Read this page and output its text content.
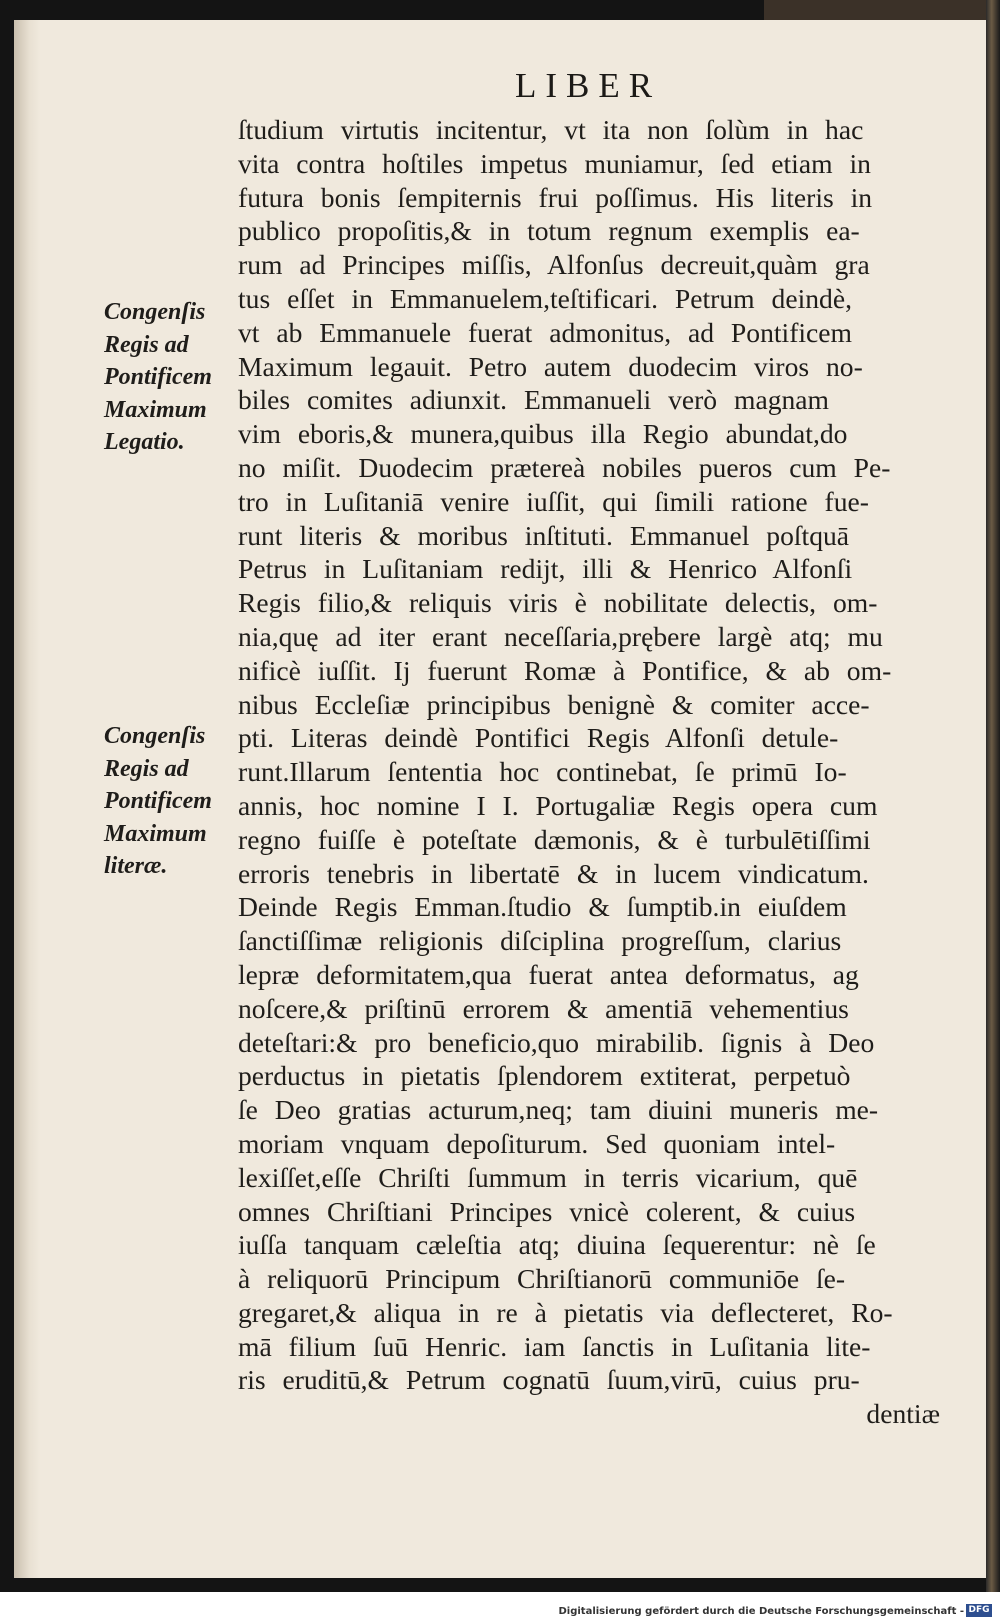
LIBER
ſtudium virtutis incitentur, vt ita non ſolùm in hac
vita contra hoſtiles impetus muniamur, ſed etiam in
futura bonis ſempiternis frui poſſimus. His literis in
publico propoſitis,& in totum regnum exemplis ea-
rum ad Principes miſſis, Alfonſus decreuit,quàm gra
tus eſſet in Emmanuelem,teſtificari. Petrum deindè,
vt ab Emmanuele fuerat admonitus, ad Pontificem
Maximum legauit. Petro autem duodecim viros no-
biles comites adiunxit. Emmanueli verò magnam
vim eboris,& munera,quibus illa Regio abundat,do
no miſit. Duodecim prætereà nobiles pueros cum Pe-
tro in Luſitaniā venire iuſſit, qui ſimili ratione fue-
runt literis & moribus inſtituti. Emmanuel poſtquā
Petrus in Luſitaniam rediјt, illi & Henrico Alfonſi
Regis filio,& reliquis viris è nobilitate delectis, om-
nia,quę ad iter erant neceſſaria,prębere largè atq; mu
nificè iuſſit. Ij fuerunt Romæ à Pontifice, & ab om-
nibus Eccleſiæ principibus benignè & comiter acce-
pti. Literas deindè Pontifici Regis Alfonſi detule-
runt.Illarum ſententia hoc continebat, ſe primū Io-
annis, hoc nomine I I. Portugaliæ Regis opera cum
regno fuiſſe è poteſtate dæmonis, & è turbulētiſſimi
erroris tenebris in libertatē & in lucem vindicatum.
Deinde Regis Emman.ſtudio & ſumptib.in eiuſdem
ſanctiſſimæ religionis diſciplina progreſſum, clarius
lepræ deformitatem,qua fuerat antea deformatus, ag
noſcere,& priſtinū errorem & amentiā vehementius
deteſtari:& pro beneficio,quo mirabilib. ſignis à Deo
perductus in pietatis ſplendorem extiterat, perpetuò
ſe Deo gratias acturum,neq; tam diuini muneris me-
moriam vnquam depoſiturum. Sed quoniam intel-
lexiſſet,eſſe Chriſti ſummum in terris vicarium, quē
omnes Chriſtiani Principes vnicè colerent, & cuius
iuſſa tanquam cæleſtia atq; diuina ſequerentur: nè ſe
à reliquorū Principum Chriſtianorū communiōe ſe-
gregaret,& aliqua in re à pietatis via deflecteret, Ro-
mā filium ſuū Henric. iam ſanctis in Luſitania lite-
ris eruditū,& Petrum cognatū ſuum,virū, cuius pru-
dentiæ
Congenſis
Regis ad
Pontificem
Maximum
Legatio.
Congenſis
Regis ad
Pontificem
Maximum
literæ.
Digitalisierung gefördert durch die Deutsche Forschungsgemeinschaft - DFG
